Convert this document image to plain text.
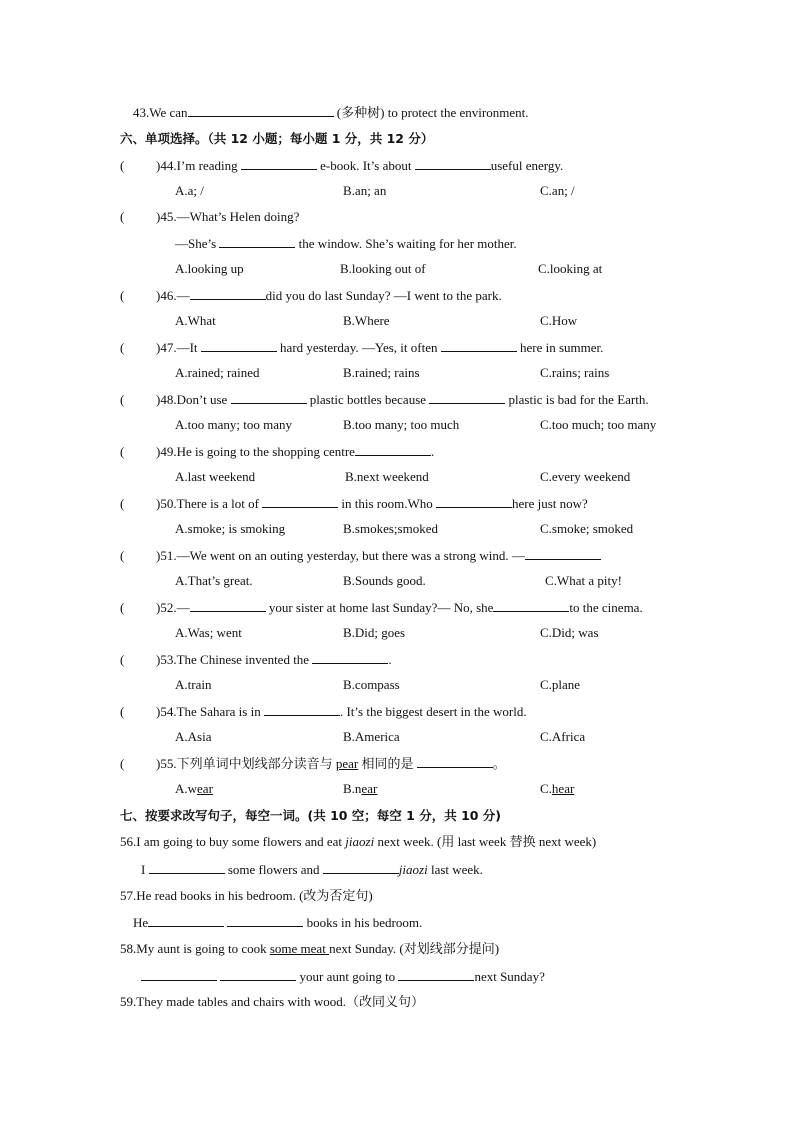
43.We can	(多种树) to protect the environment.
六、单项选择。（共 12 小题；每小题 1 分，共 12 分）
( )44.I’m reading	e-book. It’s about	useful energy.
A.a; /	B.an; an	C.an; /
( )45.—What’s Helen doing?
—She’s	the window. She’s waiting for her mother.
A.looking up	B.looking out of	C.looking at
( )46.—	did you do last Sunday? —I went to the park.
A.What	B.Where	C.How
( )47.—It	hard yesterday. —Yes, it often	here in summer.
A.rained; rained	B.rained; rains	C.rains; rains
( )48.Don’t use	plastic bottles because	plastic is bad for the Earth.
A.too many; too many	B.too many; too much	C.too much; too many
( )49.He is going to the shopping centre	.
A.last weekend	B.next weekend	C.every weekend
( )50.There is a lot of	in this room.Who	here just now?
A.smoke; is smoking	B.smokes;smoked	C.smoke; smoked
( )51.—We went on an outing yesterday, but there was a strong wind. —
A.That’s great.	B.Sounds good.	C.What a pity!
( )52.—	your sister at home last Sunday?— No, she	to the cinema.
A.Was; went	B.Did; goes	C.Did; was
( )53.The Chinese invented the	.
A.train	B.compass	C.plane
( )54.The Sahara is in	. It’s the biggest desert in the world.
A.Asia	B.America	C.Africa
( )55.下列单词中划线部分读音与 pear 相同的是	。
A.wear	B.near	C.hear
七、按要求改写句子，每空一词。(共 10 空；每空 1 分，共 10 分)
56.I am going to buy some flowers and eat jiaozi next week. (用 last week 替换 next week)
I	some flowers and	jiaozi last week.
57.He read books in his bedroom. (改为否定句)
He	books in his bedroom.
58.My aunt is going to cook some meat next Sunday. (对划线部分提问)
your aunt going to	next Sunday?
59.They made tables and chairs with wood.（改同义句）
